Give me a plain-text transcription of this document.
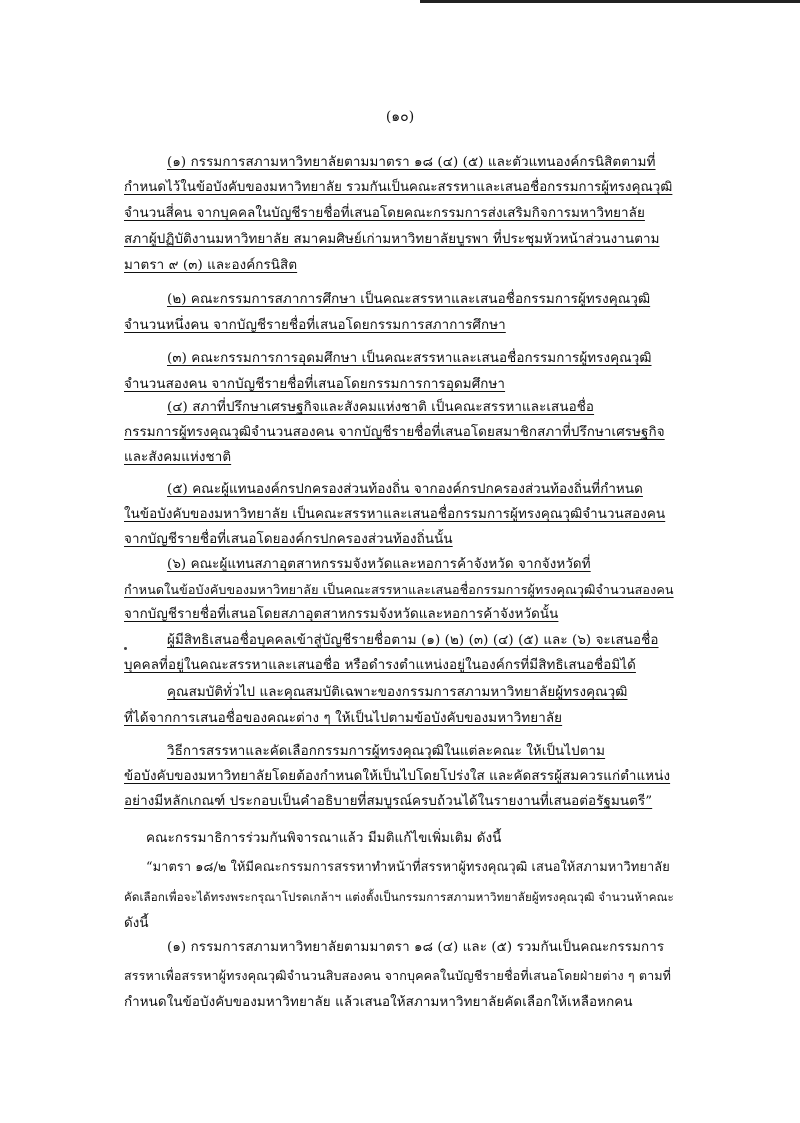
(๑๐)
(๑) กรรมการสภามหาวิทยาลัยตามมาตรา ๑๘ (๔) (๕) และตัวแทนองค์กรนิสิตตามที่
กำหนดไว้ในข้อบังคับของมหาวิทยาลัย รวมกันเป็นคณะสรรหาและเสนอชื่อกรรมการผู้ทรงคุณวุฒิ
จำนวนสี่คน จากบุคคลในบัญชีรายชื่อที่เสนอโดยคณะกรรมการส่งเสริมกิจการมหาวิทยาลัย
สภาผู้ปฏิบัติงานมหาวิทยาลัย สมาคมศิษย์เก่ามหาวิทยาลัยบูรพา ที่ประชุมหัวหน้าส่วนงานตาม
มาตรา ๙ (๓) และองค์กรนิสิต
(๒) คณะกรรมการสภาการศึกษา เป็นคณะสรรหาและเสนอชื่อกรรมการผู้ทรงคุณวุฒิ
จำนวนหนึ่งคน จากบัญชีรายชื่อที่เสนอโดยกรรมการสภาการศึกษา
(๓) คณะกรรมการการอุดมศึกษา เป็นคณะสรรหาและเสนอชื่อกรรมการผู้ทรงคุณวุฒิ
จำนวนสองคน จากบัญชีรายชื่อที่เสนอโดยกรรมการการอุดมศึกษา
(๔) สภาที่ปรึกษาเศรษฐกิจและสังคมแห่งชาติ เป็นคณะสรรหาและเสนอชื่อ
กรรมการผู้ทรงคุณวุฒิจำนวนสองคน จากบัญชีรายชื่อที่เสนอโดยสมาชิกสภาที่ปรึกษาเศรษฐกิจ
และสังคมแห่งชาติ
(๕) คณะผู้แทนองค์กรปกครองส่วนท้องถิ่น จากองค์กรปกครองส่วนท้องถิ่นที่กำหนด
ในข้อบังคับของมหาวิทยาลัย เป็นคณะสรรหาและเสนอชื่อกรรมการผู้ทรงคุณวุฒิจำนวนสองคน
จากบัญชีรายชื่อที่เสนอโดยองค์กรปกครองส่วนท้องถิ่นนั้น
(๖) คณะผู้แทนสภาอุตสาหกรรมจังหวัดและหอการค้าจังหวัด จากจังหวัดที่
กำหนดในข้อบังคับของมหาวิทยาลัย เป็นคณะสรรหาและเสนอชื่อกรรมการผู้ทรงคุณวุฒิจำนวนสองคน
จากบัญชีรายชื่อที่เสนอโดยสภาอุตสาหกรรมจังหวัดและหอการค้าจังหวัดนั้น
ผู้มีสิทธิเสนอชื่อบุคคลเข้าสู่บัญชีรายชื่อตาม (๑) (๒) (๓) (๔) (๕) และ (๖) จะเสนอชื่อ
บุคคลที่อยู่ในคณะสรรหาและเสนอชื่อ หรือดำรงตำแหน่งอยู่ในองค์กรที่มีสิทธิเสนอชื่อมิได้
คุณสมบัติทั่วไป และคุณสมบัติเฉพาะของกรรมการสภามหาวิทยาลัยผู้ทรงคุณวุฒิ
ที่ได้จากการเสนอชื่อของคณะต่าง ๆ ให้เป็นไปตามข้อบังคับของมหาวิทยาลัย
วิธีการสรรหาและคัดเลือกกรรมการผู้ทรงคุณวุฒิในแต่ละคณะ ให้เป็นไปตาม
ข้อบังคับของมหาวิทยาลัยโดยต้องกำหนดให้เป็นไปโดยโปร่งใส และคัดสรรผู้สมควรแก่ตำแหน่ง
อย่างมีหลักเกณฑ์ ประกอบเป็นคำอธิบายที่สมบูรณ์ครบถ้วนได้ในรายงานที่เสนอต่อรัฐมนตรี”
คณะกรรมาธิการร่วมกันพิจารณาแล้ว มีมติแก้ไขเพิ่มเติม ดังนี้
“มาตรา ๑๘/๒ ให้มีคณะกรรมการสรรหาทำหน้าที่สรรหาผู้ทรงคุณวุฒิ เสนอให้สภามหาวิทยาลัย
คัดเลือกเพื่อจะได้ทรงพระกรุณาโปรดเกล้าฯ แต่งตั้งเป็นกรรมการสภามหาวิทยาลัยผู้ทรงคุณวุฒิ จำนวนห้าคณะ
ดังนี้
(๑) กรรมการสภามหาวิทยาลัยตามมาตรา ๑๘ (๔) และ (๕) รวมกันเป็นคณะกรรมการ
สรรหาเพื่อสรรหาผู้ทรงคุณวุฒิจำนวนสิบสองคน จากบุคคลในบัญชีรายชื่อที่เสนอโดยฝ่ายต่าง ๆ ตามที่
กำหนดในข้อบังคับของมหาวิทยาลัย แล้วเสนอให้สภามหาวิทยาลัยคัดเลือกให้เหลือหกคน
